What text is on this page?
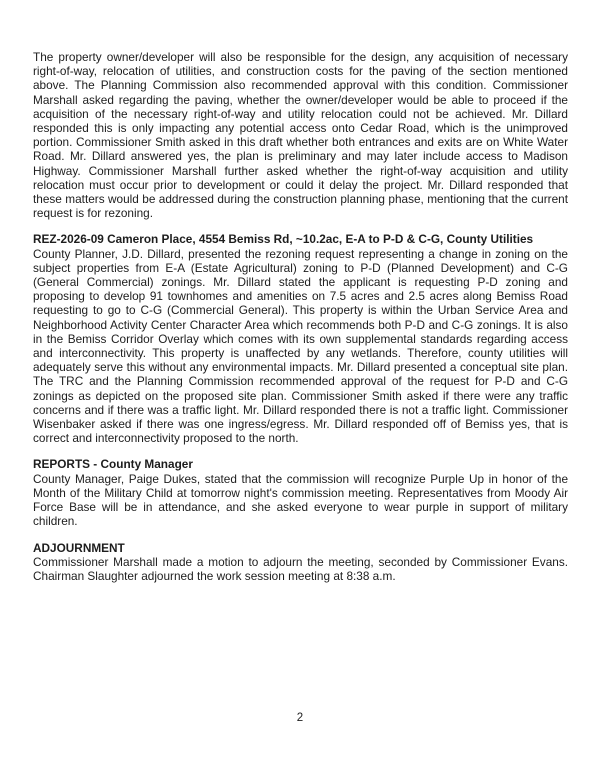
The property owner/developer will also be responsible for the design, any acquisition of necessary right-of-way, relocation of utilities, and construction costs for the paving of the section mentioned above. The Planning Commission also recommended approval with this condition. Commissioner Marshall asked regarding the paving, whether the owner/developer would be able to proceed if the acquisition of the necessary right-of-way and utility relocation could not be achieved. Mr. Dillard responded this is only impacting any potential access onto Cedar Road, which is the unimproved portion. Commissioner Smith asked in this draft whether both entrances and exits are on White Water Road. Mr. Dillard answered yes, the plan is preliminary and may later include access to Madison Highway. Commissioner Marshall further asked whether the right-of-way acquisition and utility relocation must occur prior to development or could it delay the project. Mr. Dillard responded that these matters would be addressed during the construction planning phase, mentioning that the current request is for rezoning.

REZ-2026-09 Cameron Place, 4554 Bemiss Rd, ~10.2ac, E-A to P-D & C-G, County Utilities

County Planner, J.D. Dillard, presented the rezoning request representing a change in zoning on the subject properties from E-A (Estate Agricultural) zoning to P-D (Planned Development) and C-G (General Commercial) zonings. Mr. Dillard stated the applicant is requesting P-D zoning and proposing to develop 91 townhomes and amenities on 7.5 acres and 2.5 acres along Bemiss Road requesting to go to C-G (Commercial General). This property is within the Urban Service Area and Neighborhood Activity Center Character Area which recommends both P-D and C-G zonings. It is also in the Bemiss Corridor Overlay which comes with its own supplemental standards regarding access and interconnectivity. This property is unaffected by any wetlands. Therefore, county utilities will adequately serve this without any environmental impacts. Mr. Dillard presented a conceptual site plan. The TRC and the Planning Commission recommended approval of the request for P-D and C-G zonings as depicted on the proposed site plan. Commissioner Smith asked if there were any traffic concerns and if there was a traffic light. Mr. Dillard responded there is not a traffic light. Commissioner Wisenbaker asked if there was one ingress/egress. Mr. Dillard responded off of Bemiss yes, that is correct and interconnectivity proposed to the north.

REPORTS - County Manager

County Manager, Paige Dukes, stated that the commission will recognize Purple Up in honor of the Month of the Military Child at tomorrow night's commission meeting. Representatives from Moody Air Force Base will be in attendance, and she asked everyone to wear purple in support of military children.

ADJOURNMENT

Commissioner Marshall made a motion to adjourn the meeting, seconded by Commissioner Evans. Chairman Slaughter adjourned the work session meeting at 8:38 a.m.

2
